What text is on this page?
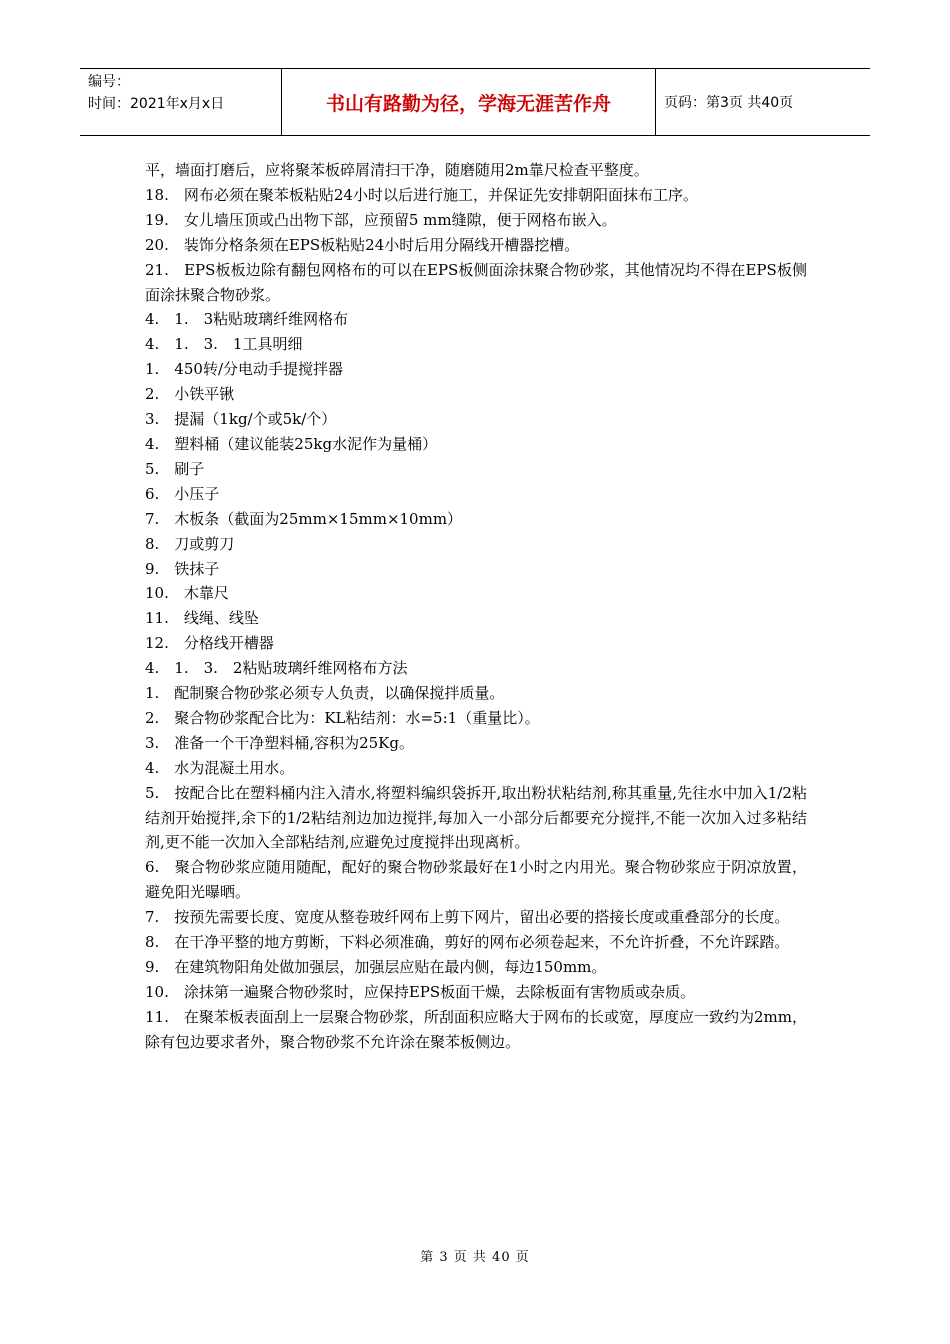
编号：
时间：2021年x月x日	书山有路勤为径，学海无涯苦作舟	页码：第3页 共40页

平，墙面打磨后，应将聚苯板碎屑清扫干净，随磨随用2m靠尺检查平整度。

18.　网布必须在聚苯板粘贴24小时以后进行施工，并保证先安排朝阳面抹布工序。

19.　女儿墙压顶或凸出物下部，应预留5 mm缝隙，便于网格布嵌入。

20.　装饰分格条须在EPS板粘贴24小时后用分隔线开槽器挖槽。

21.　EPS板板边除有翻包网格布的可以在EPS板侧面涂抹聚合物砂浆，其他情况均不得在EPS板侧面涂抹聚合物砂浆。

4.　1.　3粘贴玻璃纤维网格布

4.　1.　3.　1工具明细

1.　450转/分电动手提搅拌器

2.　小铁平锹

3.　提漏（1kg/个或5k/个）

4.　塑料桶（建议能装25kg水泥作为量桶）

5.　刷子

6.　小压子

7.　木板条（截面为25mm×15mm×10mm）

8.　刀或剪刀

9.　铁抹子

10.　木靠尺

11.　线绳、线坠

12.　分格线开槽器

4.　1.　3.　2粘贴玻璃纤维网格布方法

1.　配制聚合物砂浆必须专人负责，以确保搅拌质量。

2.　聚合物砂浆配合比为：KL粘结剂：水=5:1（重量比）。

3.　准备一个干净塑料桶,容积为25Kg。

4.　水为混凝土用水。

5.　按配合比在塑料桶内注入清水,将塑料编织袋拆开,取出粉状粘结剂,称其重量,先往水中加入1/2粘结剂开始搅拌,余下的1/2粘结剂边加边搅拌,每加入一小部分后都要充分搅拌,不能一次加入过多粘结剂,更不能一次加入全部粘结剂,应避免过度搅拌出现离析。

6.　聚合物砂浆应随用随配，配好的聚合物砂浆最好在1小时之内用光。聚合物砂浆应于阴凉放置，避免阳光曝晒。

7.　按预先需要长度、宽度从整卷玻纤网布上剪下网片，留出必要的搭接长度或重叠部分的长度。

8.　在干净平整的地方剪断，下料必须准确，剪好的网布必须卷起来，不允许折叠，不允许踩踏。

9.　在建筑物阳角处做加强层，加强层应贴在最内侧，每边150mm。

10.　涂抹第一遍聚合物砂浆时，应保持EPS板面干燥，去除板面有害物质或杂质。

11.　在聚苯板表面刮上一层聚合物砂浆，所刮面积应略大于网布的长或宽，厚度应一致约为2mm，除有包边要求者外，聚合物砂浆不允许涂在聚苯板侧边。

第 3 页 共 40 页
